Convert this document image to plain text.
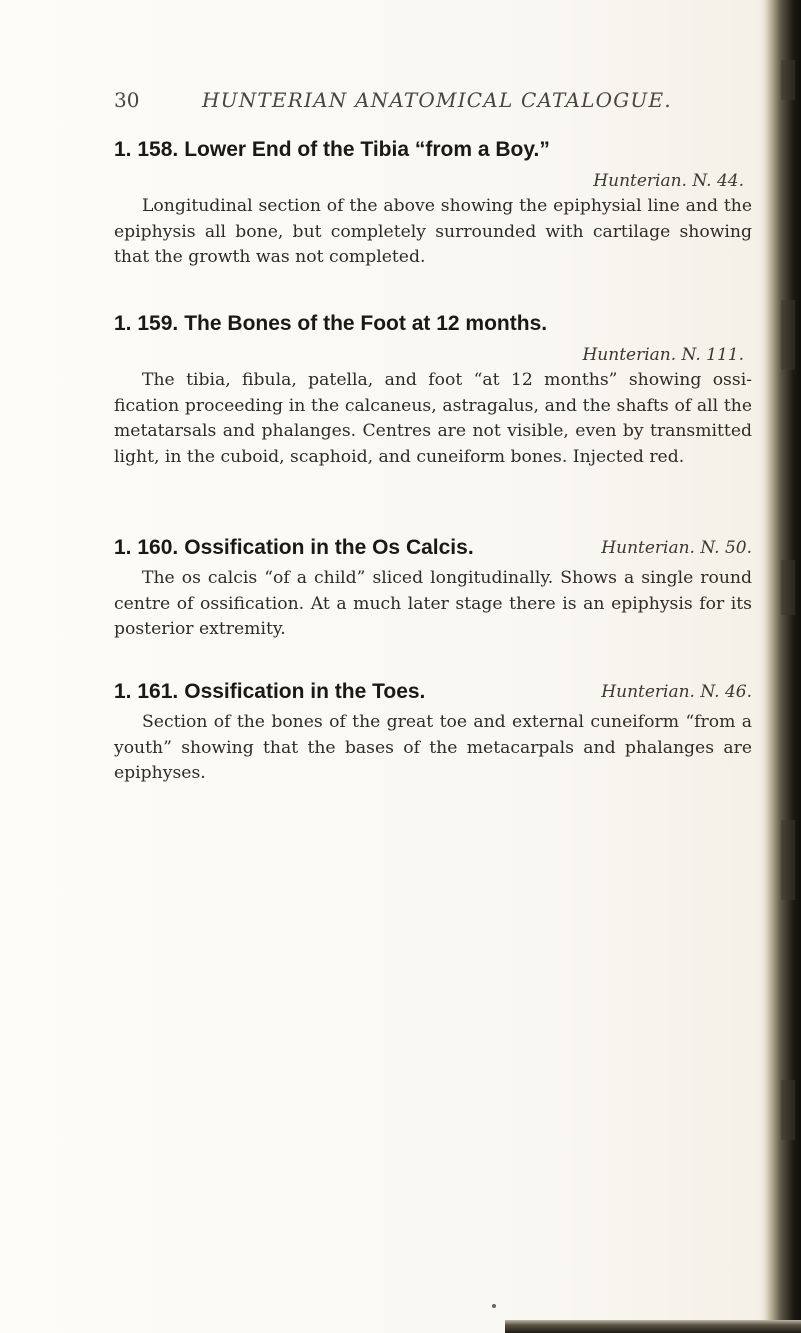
30	HUNTERIAN ANATOMICAL CATALOGUE.
1. 158. Lower End of the Tibia “from a Boy.”
Hunterian. N. 44.
Longitudinal section of the above showing the epiphysial line and the epiphysis all bone, but completely surrounded with cartilage showing that the growth was not completed.
1. 159. The Bones of the Foot at 12 months.
Hunterian. N. 111.
The tibia, fibula, patella, and foot “at 12 months” showing ossi- fication proceeding in the calcaneus, astragalus, and the shafts of all the metatarsals and phalanges. Centres are not visible, even by transmitted light, in the cuboid, scaphoid, and cuneiform bones. Injected red.
1. 160. Ossification in the Os Calcis.	Hunterian. N. 50.
The os calcis “of a child” sliced longitudinally. Shows a single round centre of ossification. At a much later stage there is an epiphysis for its posterior extremity.
1. 161. Ossification in the Toes.	Hunterian. N. 46.
Section of the bones of the great toe and external cuneiform “from a youth” showing that the bases of the metacarpals and phalanges are epiphyses.
